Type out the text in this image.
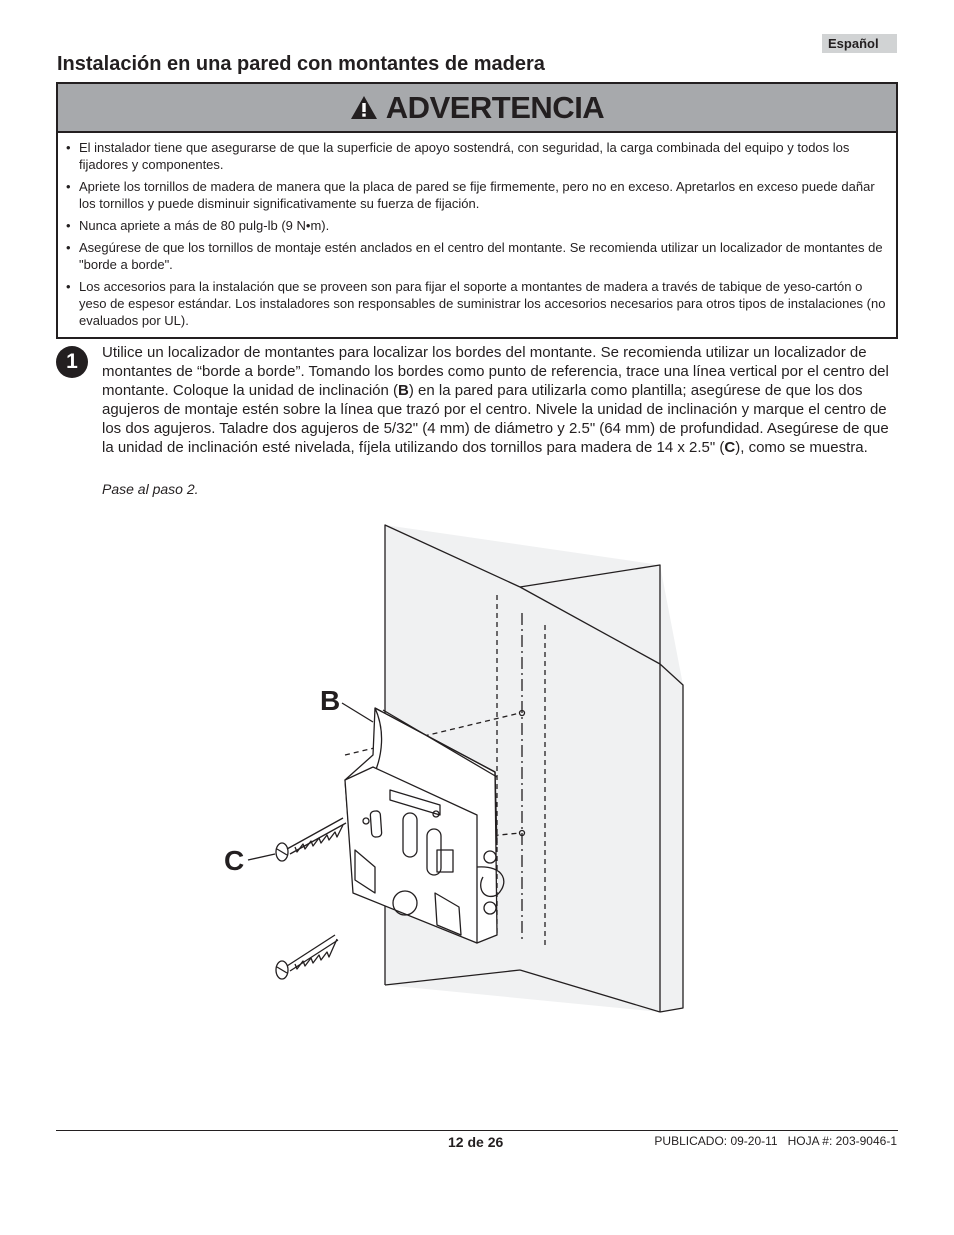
Español
Instalación en una pared con montantes de madera
ADVERTENCIA
• El instalador tiene que asegurarse de que la superficie de apoyo sostendrá, con seguridad, la carga combinada del equipo y todos los fijadores y componentes.
• Apriete los tornillos de madera de manera que la placa de pared se fije firmemente, pero no en exceso. Apretarlos en exceso puede dañar los tornillos y puede disminuir significativamente su fuerza de fijación.
• Nunca apriete a más de 80 pulg-lb (9 N•m).
• Asegúrese de que los tornillos de montaje estén anclados en el centro del montante. Se recomienda utilizar un localizador de montantes de "borde a borde".
• Los accesorios para la instalación que se proveen son para fijar el soporte a montantes de madera a través de tabique de yeso-cartón o yeso de espesor estándar. Los instaladores son responsables de suministrar los accesorios necesarios para otros tipos de instalaciones (no evaluados por UL).
1	Utilice un localizador de montantes para localizar los bordes del montante. Se recomienda utilizar un localizador de montantes de “borde a borde”. Tomando los bordes como punto de referencia, trace una línea vertical por el centro del montante. Coloque la unidad de inclinación (B) en la pared para utilizarla como plantilla; asegúrese de que los dos agujeros de montaje estén sobre la línea que trazó por el centro. Nivele la unidad de inclinación y marque el centro de los dos agujeros. Taladre dos agujeros de 5/32" (4 mm) de diámetro y 2.5" (64 mm) de profundidad. Asegúrese de que la unidad de inclinación esté nivelada, fíjela utilizando dos tornillos para madera de 14 x 2.5" (C), como se muestra.

Pase al paso 2.

B
C
12 de 26	PUBLICADO: 09-20-11   HOJA #: 203-9046-1
